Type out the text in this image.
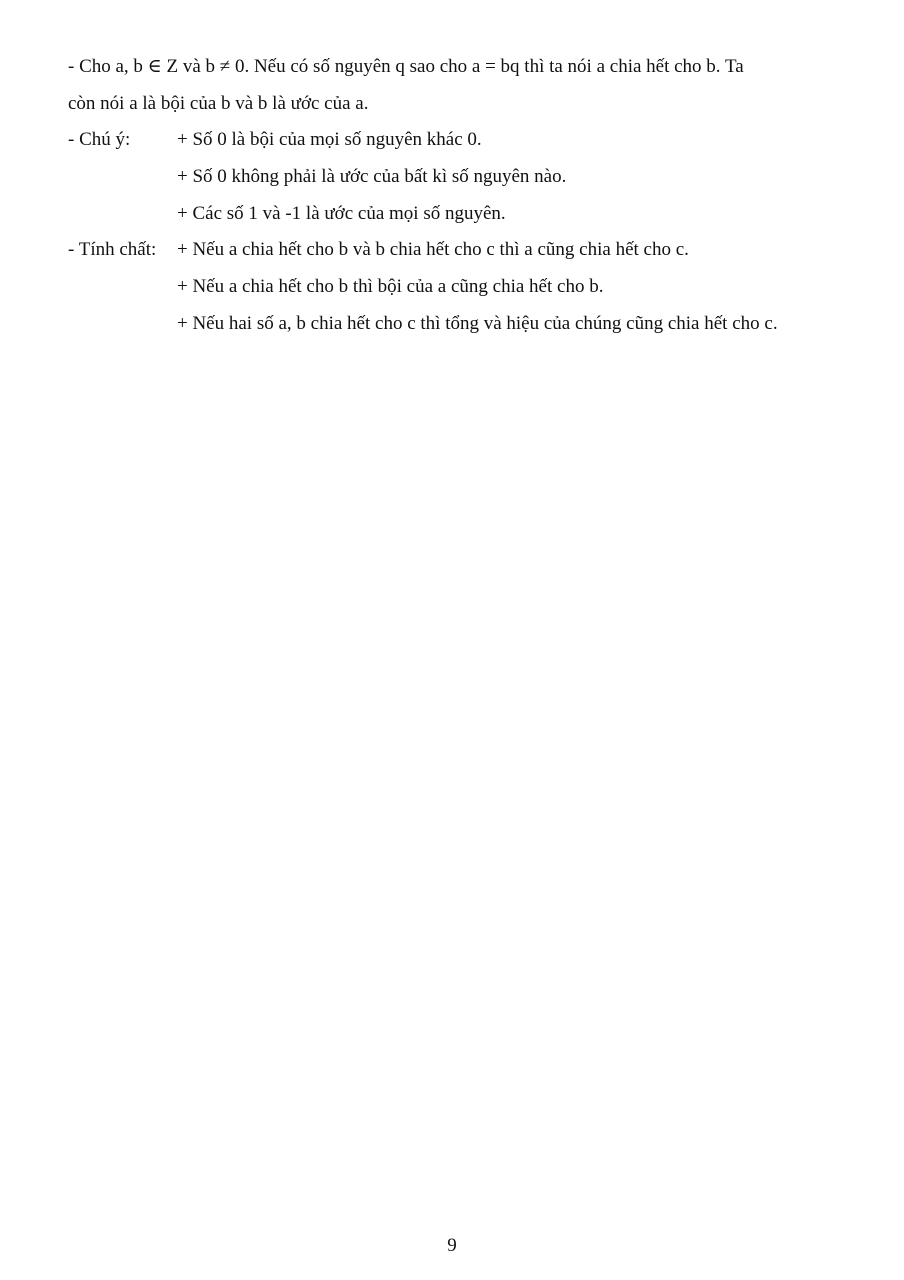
- Cho a, b ∈ Z và b ≠ 0. Nếu có số nguyên q sao cho a = bq thì ta nói a chia hết cho b. Ta
còn nói a là bội của b và b là ước của a.
- Chú ý: + Số 0 là bội của mọi số nguyên khác 0.
+ Số 0 không phải là ước của bất kì số nguyên nào.
+ Các số 1 và -1 là ước của mọi số nguyên.
- Tính chất: + Nếu a chia hết cho b và b chia hết cho c thì a cũng chia hết cho c.
+ Nếu a chia hết cho b thì bội của a cũng chia hết cho b.
+ Nếu hai số a, b chia hết cho c thì tổng và hiệu của chúng cũng chia hết cho c.
9
